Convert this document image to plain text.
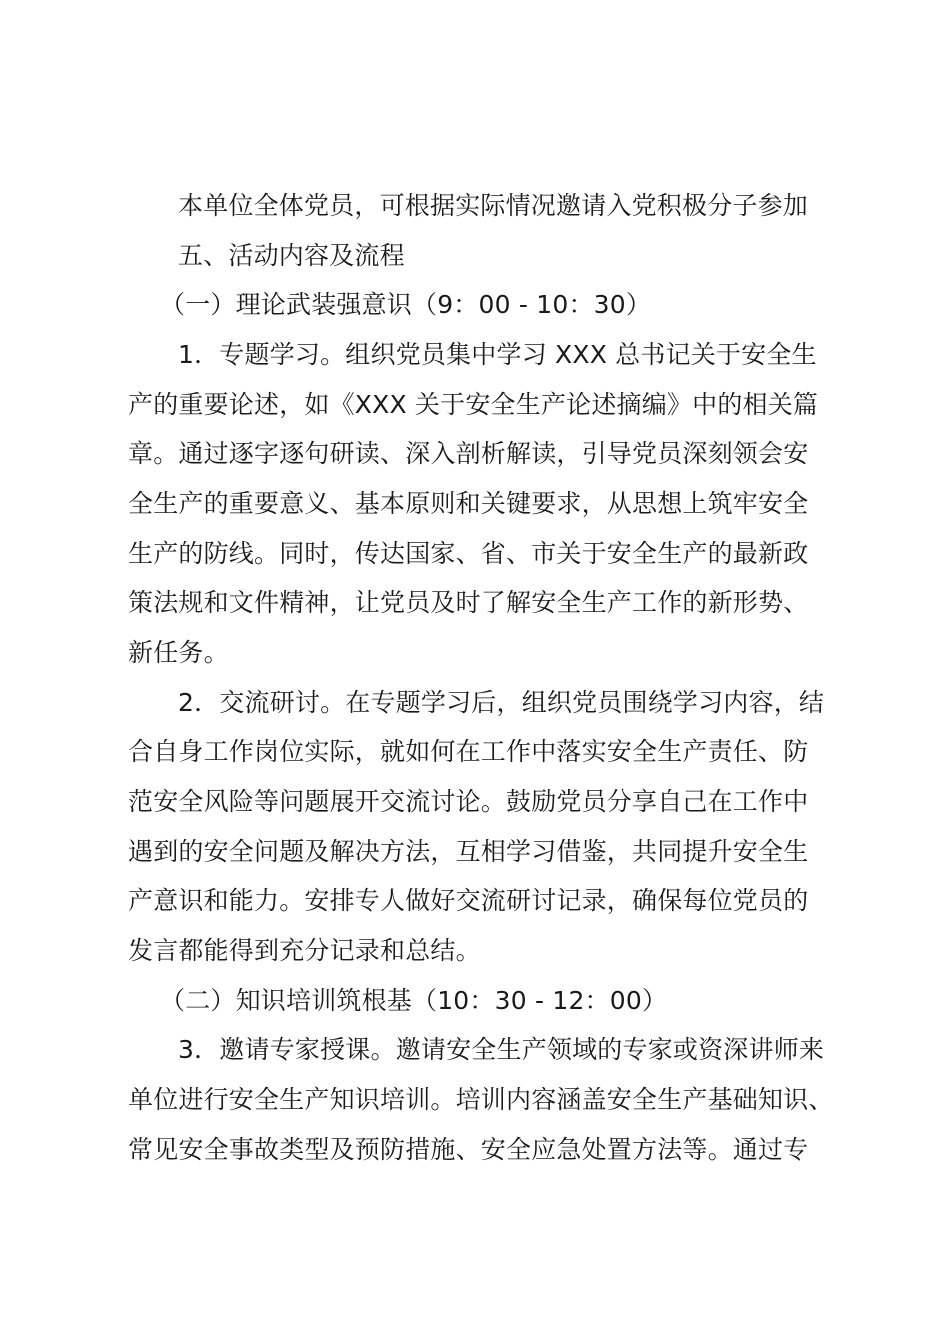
本单位全体党员，可根据实际情况邀请入党积极分子参加
五、活动内容及流程
（一）理论武装强意识（9：00 - 10：30）
1．专题学习。组织党员集中学习 XXX 总书记关于安全生
产的重要论述，如《XXX 关于安全生产论述摘编》中的相关篇
章。通过逐字逐句研读、深入剖析解读，引导党员深刻领会安
全生产的重要意义、基本原则和关键要求，从思想上筑牢安全
生产的防线。同时，传达国家、省、市关于安全生产的最新政
策法规和文件精神，让党员及时了解安全生产工作的新形势、
新任务。
2．交流研讨。在专题学习后，组织党员围绕学习内容，结
合自身工作岗位实际，就如何在工作中落实安全生产责任、防
范安全风险等问题展开交流讨论。鼓励党员分享自己在工作中
遇到的安全问题及解决方法，互相学习借鉴，共同提升安全生
产意识和能力。安排专人做好交流研讨记录，确保每位党员的
发言都能得到充分记录和总结。
（二）知识培训筑根基（10：30 - 12：00）
3．邀请专家授课。邀请安全生产领域的专家或资深讲师来
单位进行安全生产知识培训。培训内容涵盖安全生产基础知识、
常见安全事故类型及预防措施、安全应急处置方法等。通过专
